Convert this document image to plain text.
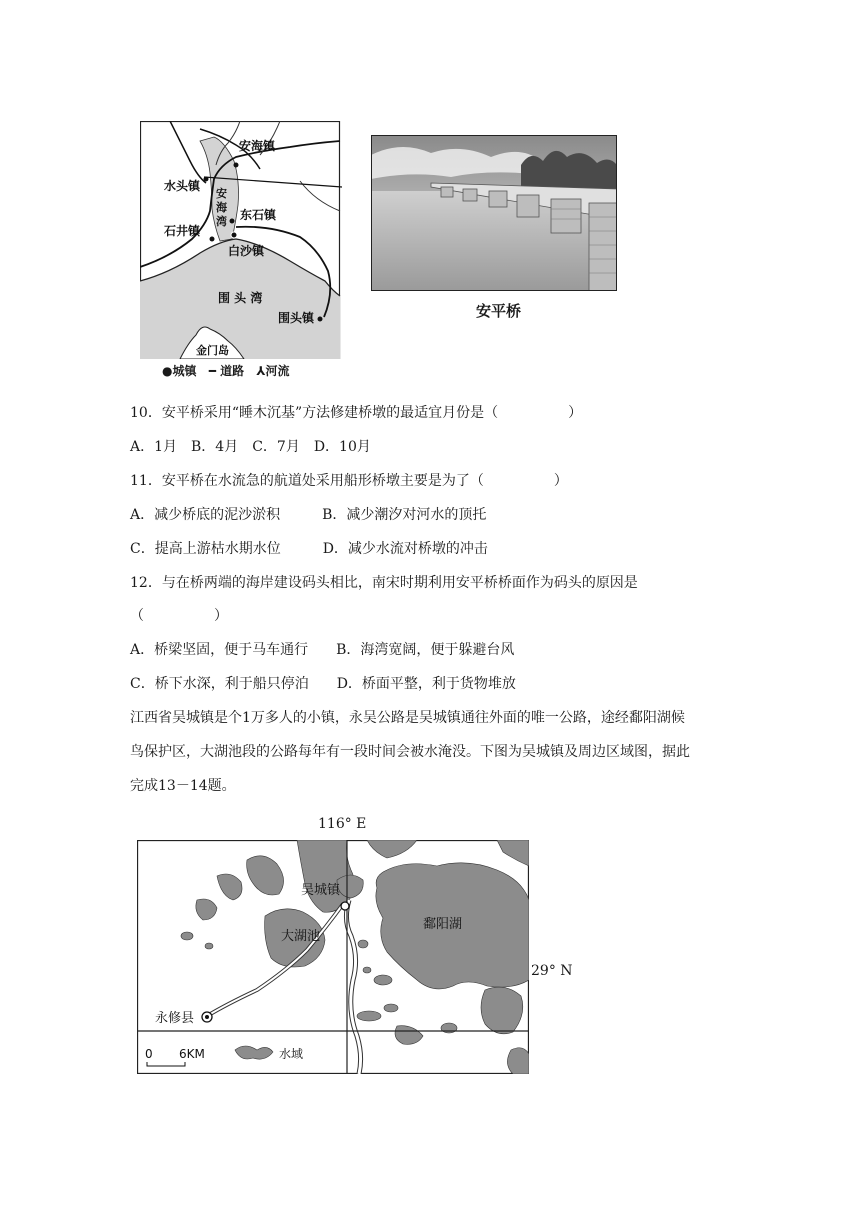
安海镇
水头镇
安
海
湾 东石镇
石井镇
白沙镇
围 头 湾
围头镇
金门岛
●城镇 ━ 道路 ⅄河流
安平桥
10．安平桥采用“睡木沉基”方法修建桥墩的最适宜月份是（　　　　　）
A．1月　B．4月　C．7月　D．10月
11．安平桥在水流急的航道处采用船形桥墩主要是为了（　　　　　）
A．减少桥底的泥沙淤积　　　B．减少潮汐对河水的顶托
C．提高上游枯水期水位　　　D．减少水流对桥墩的冲击
12．与在桥两端的海岸建设码头相比，南宋时期利用安平桥桥面作为码头的原因是
（　　　　　）
A．桥梁坚固，便于马车通行　　B．海湾宽阔，便于躲避台风
C．桥下水深，利于船只停泊　　D．桥面平整，利于货物堆放
江西省吴城镇是个1万多人的小镇，永吴公路是吴城镇通往外面的唯一公路，途经鄱阳湖候
鸟保护区，大湖池段的公路每年有一段时间会被水淹没。下图为吴城镇及周边区域图，据此
完成13－14题。
116° E
29° N
吴城镇
大湖池
鄱阳湖
永修县
0 6KM	水域
